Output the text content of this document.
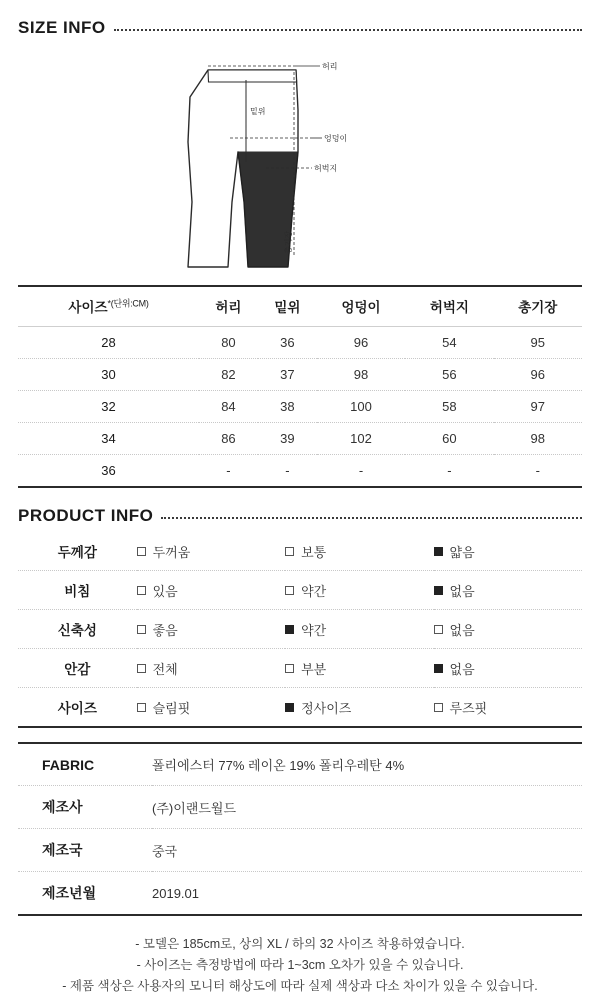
SIZE INFO
허리
밑위
엉덩이
허벅지
총기장
사이즈$^{*(단위:CM)}$	허리	밑위	엉덩이	허벅지	총기장
28	80	36	96	54	95
30	82	37	98	56	96
32	84	38	100	58	97
34	86	39	102	60	98
36	-	-	-	-	-
PRODUCT INFO
두께감	두꺼움	보통	얇음

비침	있음	약간	없음

신축성	좋음	약간	없음

안감	전체	부분	없음

사이즈	슬림핏	정사이즈	루즈핏
FABRIC	폴리에스터 77% 레이온 19% 폴리우레탄 4%
제조사	(주)이랜드월드
제조국	중국
제조년월	2019.01
- 모델은 185cm로, 상의 XL / 하의 32 사이즈 착용하였습니다.
- 사이즈는 측정방법에 따라 1~3cm 오차가 있을 수 있습니다.
- 제품 색상은 사용자의 모니터 해상도에 따라 실제 색상과 다소 차이가 있을 수 있습니다.
